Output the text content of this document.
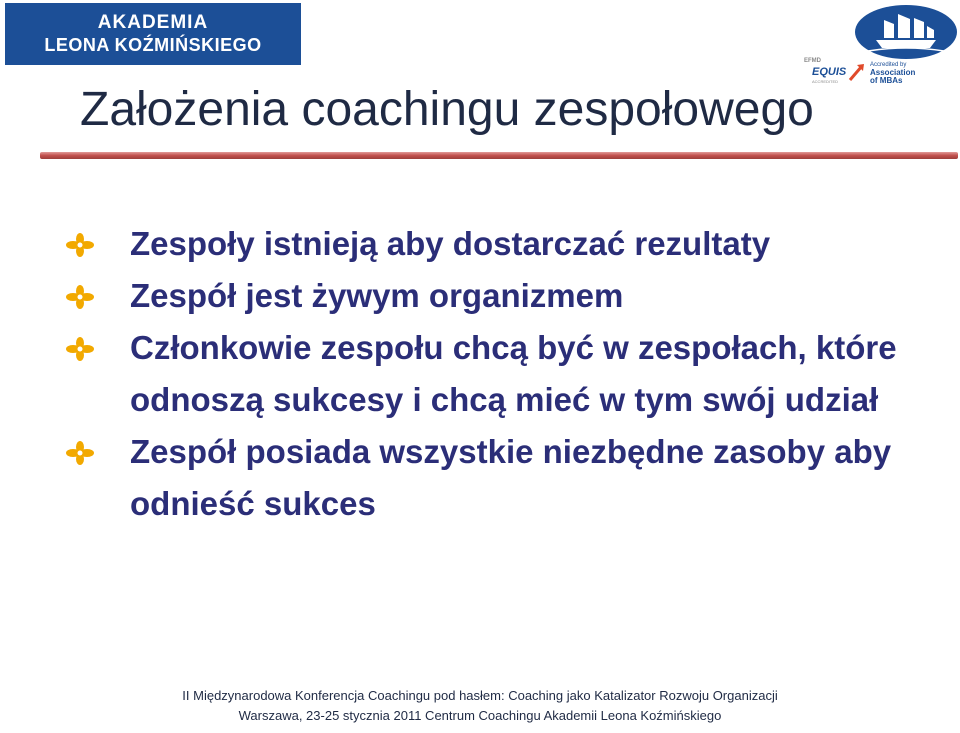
AKADEMIA
LEONA KOŹMIŃSKIEGO
EFMD
EQUIS
ACCREDITED
Accredited by
Association
of MBAs
Założenia coachingu zespołowego
Zespoły istnieją aby dostarczać rezultaty
Zespół jest żywym organizmem
Członkowie zespołu chcą być w zespołach, które odnoszą sukcesy i chcą mieć w tym swój udział
Zespół posiada wszystkie niezbędne zasoby aby odnieść sukces
II Międzynarodowa Konferencja Coachingu pod hasłem: Coaching jako Katalizator Rozwoju Organizacji
Warszawa, 23-25 stycznia 2011 Centrum Coachingu Akademii Leona Koźmińskiego
